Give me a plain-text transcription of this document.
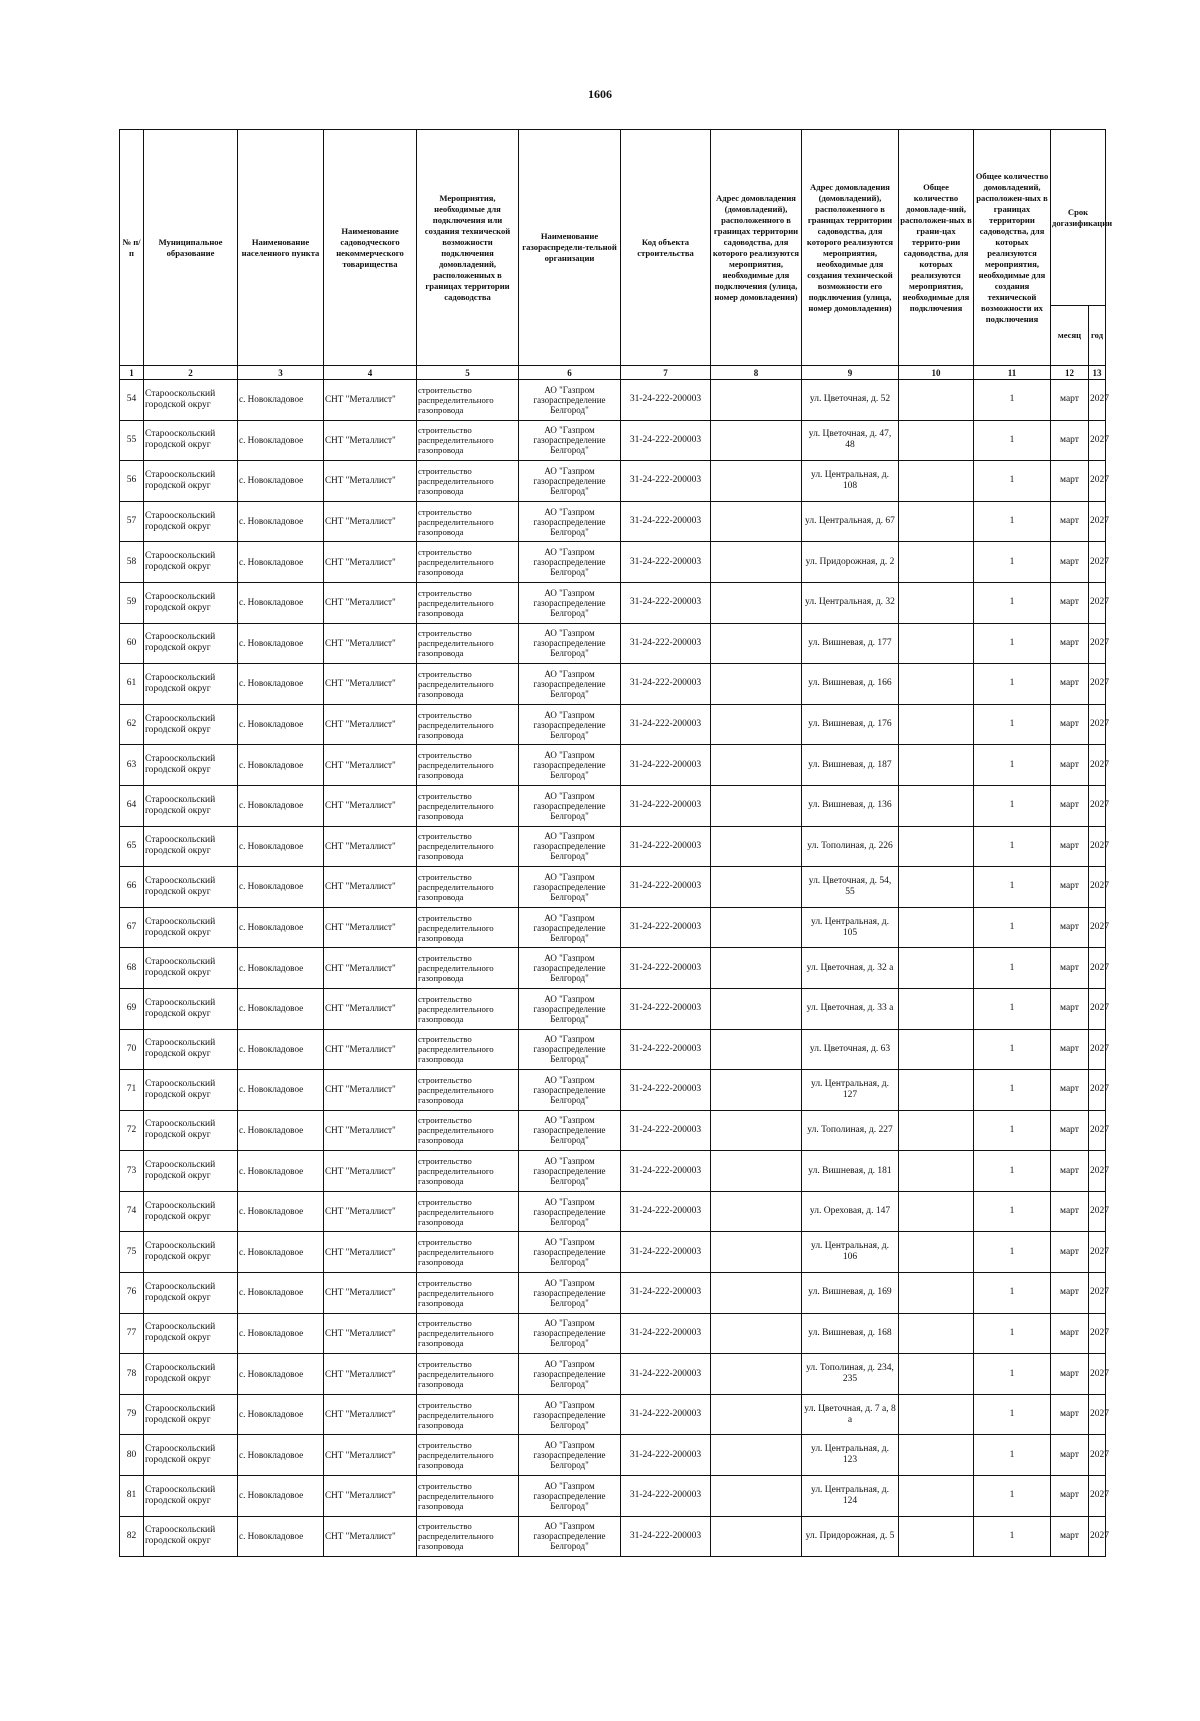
1606
№ п/п	Муниципальное образование	Наименование населенного пункта	Наименование садоводческого некоммерческого товарищества	Мероприятия, необходимые для подключения или создания технической возможности подключения домовладений, расположенных в границах территории садоводства	Наименование газораспредели-тельной организации	Код объекта строительства	Адрес домовладения (домовладений), расположенного в границах территории садоводства, для которого реализуются мероприятия, необходимые для подключения (улица, номер домовладения)	Адрес домовладения (домовладений), расположенного в границах территории садоводства, для которого реализуются мероприятия, необходимые для создания технической возможности его подключения (улица, номер домовладения)	Общее количество домовладе-ний, расположен-ных в грани-цах террито-рии садоводства, для которых реализуются мероприятия, необходимые для подключения	Общее количество домовладений, расположен-ных в границах территории садоводства, для которых реализуются мероприятия, необходимые для создания технической возможности их подключения	Срок догазификации	
											месяц	год
1	2	3	4	5	6	7	8	9	10	11	12	13
54	Старооскольский городской округ	с. Новокладовое	СНТ "Металлист"	строительство
распределительного
газопровода	АО "Газпром
газораспределение
Белгород"	31-24-222-200003		ул. Цветочная, д. 52		1	март	2027
55	Старооскольский городской округ	с. Новокладовое	СНТ "Металлист"	строительство
распределительного
газопровода	АО "Газпром
газораспределение
Белгород"	31-24-222-200003		ул. Цветочная, д. 47, 48		1	март	2027
56	Старооскольский городской округ	с. Новокладовое	СНТ "Металлист"	строительство
распределительного
газопровода	АО "Газпром
газораспределение
Белгород"	31-24-222-200003		ул. Центральная, д. 108		1	март	2027
57	Старооскольский городской округ	с. Новокладовое	СНТ "Металлист"	строительство
распределительного
газопровода	АО "Газпром
газораспределение
Белгород"	31-24-222-200003		ул. Центральная, д. 67		1	март	2027
58	Старооскольский городской округ	с. Новокладовое	СНТ "Металлист"	строительство
распределительного
газопровода	АО "Газпром
газораспределение
Белгород"	31-24-222-200003		ул. Придорожная, д. 2		1	март	2027
59	Старооскольский городской округ	с. Новокладовое	СНТ "Металлист"	строительство
распределительного
газопровода	АО "Газпром
газораспределение
Белгород"	31-24-222-200003		ул. Центральная, д. 32		1	март	2027
60	Старооскольский городской округ	с. Новокладовое	СНТ "Металлист"	строительство
распределительного
газопровода	АО "Газпром
газораспределение
Белгород"	31-24-222-200003		ул. Вишневая, д. 177		1	март	2027
61	Старооскольский городской округ	с. Новокладовое	СНТ "Металлист"	строительство
распределительного
газопровода	АО "Газпром
газораспределение
Белгород"	31-24-222-200003		ул. Вишневая, д. 166		1	март	2027
62	Старооскольский городской округ	с. Новокладовое	СНТ "Металлист"	строительство
распределительного
газопровода	АО "Газпром
газораспределение
Белгород"	31-24-222-200003		ул. Вишневая, д. 176		1	март	2027
63	Старооскольский городской округ	с. Новокладовое	СНТ "Металлист"	строительство
распределительного
газопровода	АО "Газпром
газораспределение
Белгород"	31-24-222-200003		ул. Вишневая, д. 187		1	март	2027
64	Старооскольский городской округ	с. Новокладовое	СНТ "Металлист"	строительство
распределительного
газопровода	АО "Газпром
газораспределение
Белгород"	31-24-222-200003		ул. Вишневая, д. 136		1	март	2027
65	Старооскольский городской округ	с. Новокладовое	СНТ "Металлист"	строительство
распределительного
газопровода	АО "Газпром
газораспределение
Белгород"	31-24-222-200003		ул. Тополиная, д. 226		1	март	2027
66	Старооскольский городской округ	с. Новокладовое	СНТ "Металлист"	строительство
распределительного
газопровода	АО "Газпром
газораспределение
Белгород"	31-24-222-200003		ул. Цветочная, д. 54, 55		1	март	2027
67	Старооскольский городской округ	с. Новокладовое	СНТ "Металлист"	строительство
распределительного
газопровода	АО "Газпром
газораспределение
Белгород"	31-24-222-200003		ул. Центральная, д. 105		1	март	2027
68	Старооскольский городской округ	с. Новокладовое	СНТ "Металлист"	строительство
распределительного
газопровода	АО "Газпром
газораспределение
Белгород"	31-24-222-200003		ул. Цветочная, д. 32 а		1	март	2027
69	Старооскольский городской округ	с. Новокладовое	СНТ "Металлист"	строительство
распределительного
газопровода	АО "Газпром
газораспределение
Белгород"	31-24-222-200003		ул. Цветочная, д. 33 а		1	март	2027
70	Старооскольский городской округ	с. Новокладовое	СНТ "Металлист"	строительство
распределительного
газопровода	АО "Газпром
газораспределение
Белгород"	31-24-222-200003		ул. Цветочная, д. 63		1	март	2027
71	Старооскольский городской округ	с. Новокладовое	СНТ "Металлист"	строительство
распределительного
газопровода	АО "Газпром
газораспределение
Белгород"	31-24-222-200003		ул. Центральная, д. 127		1	март	2027
72	Старооскольский городской округ	с. Новокладовое	СНТ "Металлист"	строительство
распределительного
газопровода	АО "Газпром
газораспределение
Белгород"	31-24-222-200003		ул. Тополиная, д. 227		1	март	2027
73	Старооскольский городской округ	с. Новокладовое	СНТ "Металлист"	строительство
распределительного
газопровода	АО "Газпром
газораспределение
Белгород"	31-24-222-200003		ул. Вишневая, д. 181		1	март	2027
74	Старооскольский городской округ	с. Новокладовое	СНТ "Металлист"	строительство
распределительного
газопровода	АО "Газпром
газораспределение
Белгород"	31-24-222-200003		ул. Ореховая, д. 147		1	март	2027
75	Старооскольский городской округ	с. Новокладовое	СНТ "Металлист"	строительство
распределительного
газопровода	АО "Газпром
газораспределение
Белгород"	31-24-222-200003		ул. Центральная, д. 106		1	март	2027
76	Старооскольский городской округ	с. Новокладовое	СНТ "Металлист"	строительство
распределительного
газопровода	АО "Газпром
газораспределение
Белгород"	31-24-222-200003		ул. Вишневая, д. 169		1	март	2027
77	Старооскольский городской округ	с. Новокладовое	СНТ "Металлист"	строительство
распределительного
газопровода	АО "Газпром
газораспределение
Белгород"	31-24-222-200003		ул. Вишневая, д. 168		1	март	2027
78	Старооскольский городской округ	с. Новокладовое	СНТ "Металлист"	строительство
распределительного
газопровода	АО "Газпром
газораспределение
Белгород"	31-24-222-200003		ул. Тополиная, д. 234, 235		1	март	2027
79	Старооскольский городской округ	с. Новокладовое	СНТ "Металлист"	строительство
распределительного
газопровода	АО "Газпром
газораспределение
Белгород"	31-24-222-200003		ул. Цветочная, д. 7 а, 8 а		1	март	2027
80	Старооскольский городской округ	с. Новокладовое	СНТ "Металлист"	строительство
распределительного
газопровода	АО "Газпром
газораспределение
Белгород"	31-24-222-200003		ул. Центральная, д. 123		1	март	2027
81	Старооскольский городской округ	с. Новокладовое	СНТ "Металлист"	строительство
распределительного
газопровода	АО "Газпром
газораспределение
Белгород"	31-24-222-200003		ул. Центральная, д. 124		1	март	2027
82	Старооскольский городской округ	с. Новокладовое	СНТ "Металлист"	строительство
распределительного
газопровода	АО "Газпром
газораспределение
Белгород"	31-24-222-200003		ул. Придорожная, д. 5		1	март	2027
